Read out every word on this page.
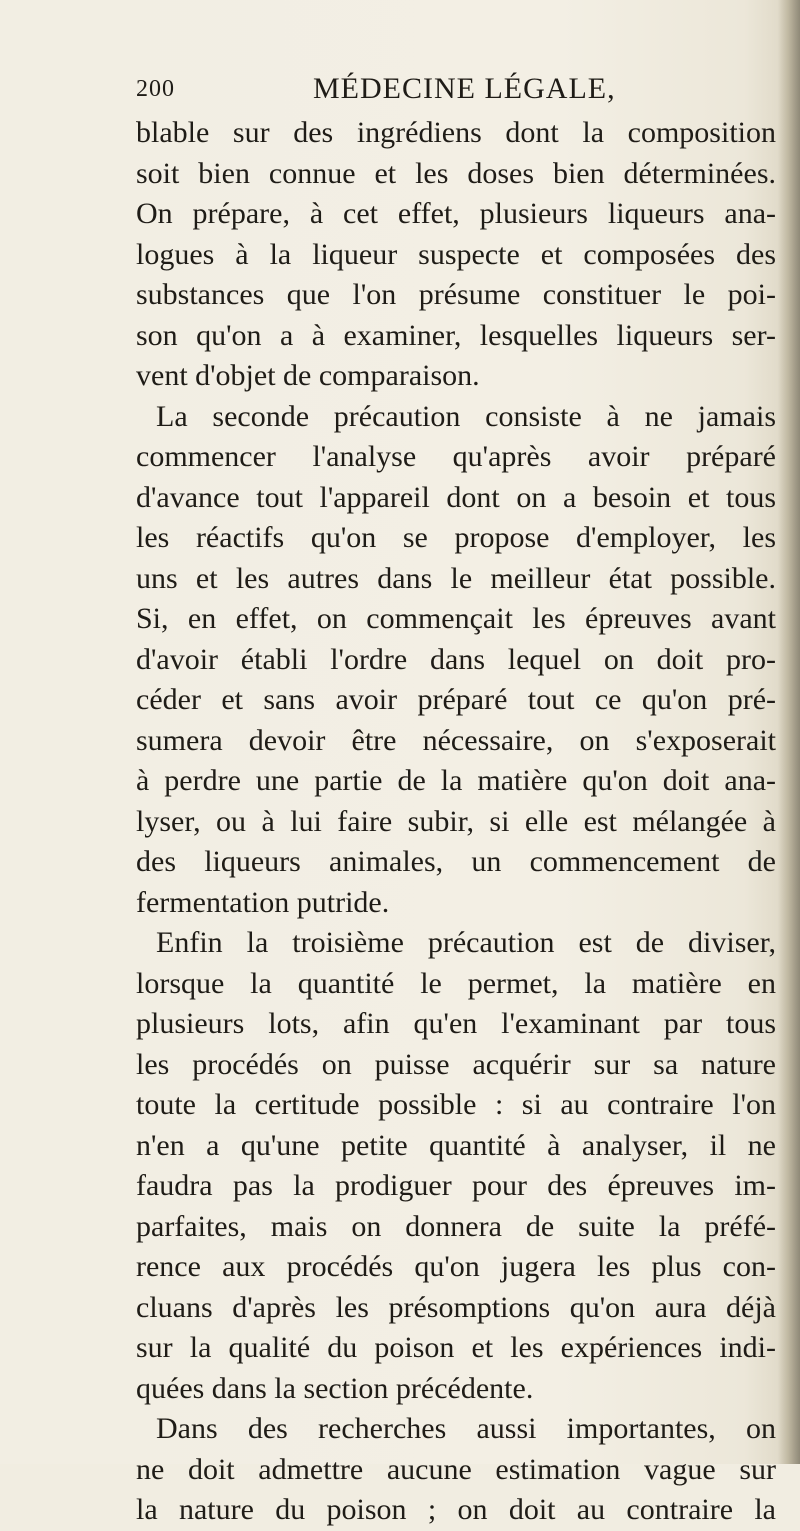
200	MÉDECINE LÉGALE,
blable sur des ingrédiens dont la composition
soit bien connue et les doses bien déterminées.
On prépare, à cet effet, plusieurs liqueurs ana-
logues à la liqueur suspecte et composées des
substances que l'on présume constituer le poi-
son qu'on a à examiner, lesquelles liqueurs ser-
vent d'objet de comparaison.
La seconde précaution consiste à ne jamais
commencer l'analyse qu'après avoir préparé
d'avance tout l'appareil dont on a besoin et tous
les réactifs qu'on se propose d'employer, les
uns et les autres dans le meilleur état possible.
Si, en effet, on commençait les épreuves avant
d'avoir établi l'ordre dans lequel on doit pro-
céder et sans avoir préparé tout ce qu'on pré-
sumera devoir être nécessaire, on s'exposerait
à perdre une partie de la matière qu'on doit ana-
lyser, ou à lui faire subir, si elle est mélangée à
des liqueurs animales, un commencement de
fermentation putride.
Enfin la troisième précaution est de diviser,
lorsque la quantité le permet, la matière en
plusieurs lots, afin qu'en l'examinant par tous
les procédés on puisse acquérir sur sa nature
toute la certitude possible : si au contraire l'on
n'en a qu'une petite quantité à analyser, il ne
faudra pas la prodiguer pour des épreuves im-
parfaites, mais on donnera de suite la préfé-
rence aux procédés qu'on jugera les plus con-
cluans d'après les présomptions qu'on aura déjà
sur la qualité du poison et les expériences indi-
quées dans la section précédente.
Dans des recherches aussi importantes, on
ne doit admettre aucune estimation vague sur
la nature du poison ; on doit au contraire la
